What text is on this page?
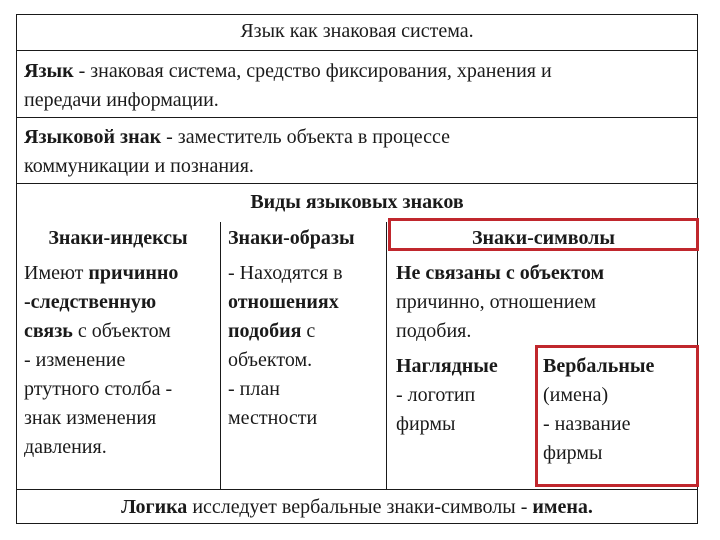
Язык как знаковая система.
Язык - знаковая система, средство фиксирования, хранения и
передачи информации.
Языковой знак - заместитель объекта в процессе
коммуникации и познания.
Виды языковых знаков
Знаки-индексы	Знаки-образы	Знаки-символы
Имеют причинно
-следственную
связь с объектом
- изменение
ртутного столба -
знак изменения
давления.
- Находятся в
отношениях
подобия с
объектом.
- план
местности
Не связаны с объектом
причинно, отношением
подобия.
Наглядные
- логотип
фирмы
Вербальные
(имена)
- название
фирмы
Логика исследует вербальные знаки-символы - имена.
